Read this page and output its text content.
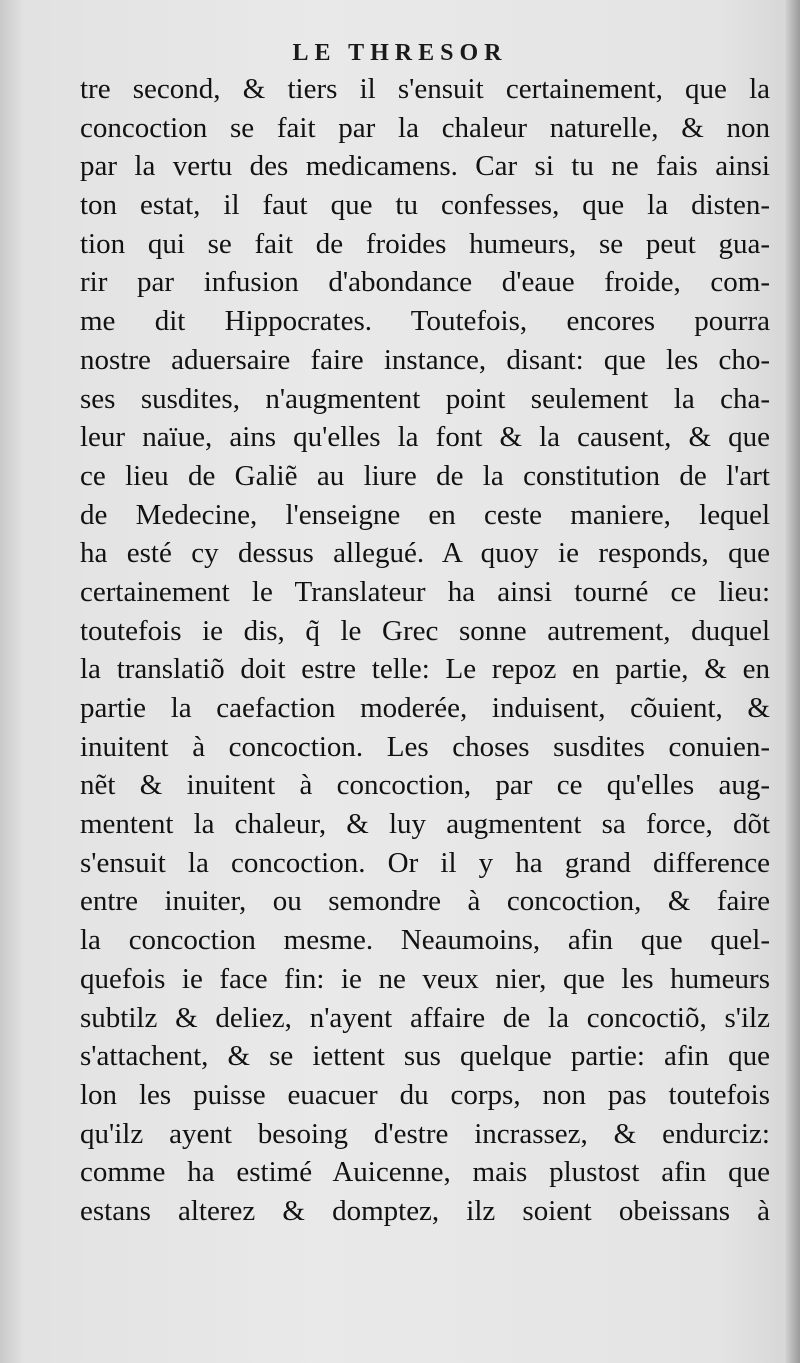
LE THRESOR
tre second, & tiers il s'ensuit certainement, que la
concoction se fait par la chaleur naturelle, & non
par la vertu des medicamens. Car si tu ne fais ainsi
ton estat, il faut que tu confesses, que la disten-
tion qui se fait de froides humeurs, se peut gua-
rir par infusion d'abondance d'eaue froide, com-
me dit Hippocrates. Toutefois, encores pourra
nostre aduersaire faire instance, disant: que les cho-
ses susdites, n'augmentent point seulement la cha-
leur naïue, ains qu'elles la font & la causent, & que
ce lieu de Galiẽ au liure de la constitution de l'art
de Medecine, l'enseigne en ceste maniere, lequel
ha esté cy dessus allegué. A quoy ie responds, que
certainement le Translateur ha ainsi tourné ce lieu:
toutefois ie dis, q̃ le Grec sonne autrement, duquel
la translatiõ doit estre telle: Le repoz en partie, & en
partie la caefaction moderée, induisent, cõuient, &
inuitent à concoction. Les choses susdites conuien-
nẽt & inuitent à concoction, par ce qu'elles aug-
mentent la chaleur, & luy augmentent sa force, dõt
s'ensuit la concoction. Or il y ha grand difference
entre inuiter, ou semondre à concoction, & faire
la concoction mesme. Neaumoins, afin que quel-
quefois ie face fin: ie ne veux nier, que les humeurs
subtilz & deliez, n'ayent affaire de la concoctiõ, s'ilz
s'attachent, & se iettent sus quelque partie: afin que
lon les puisse euacuer du corps, non pas toutefois
qu'ilz ayent besoing d'estre incrassez, & endurciz:
comme ha estimé Auicenne, mais plustost afin que
estans alterez & domptez, ilz soient obeissans à
